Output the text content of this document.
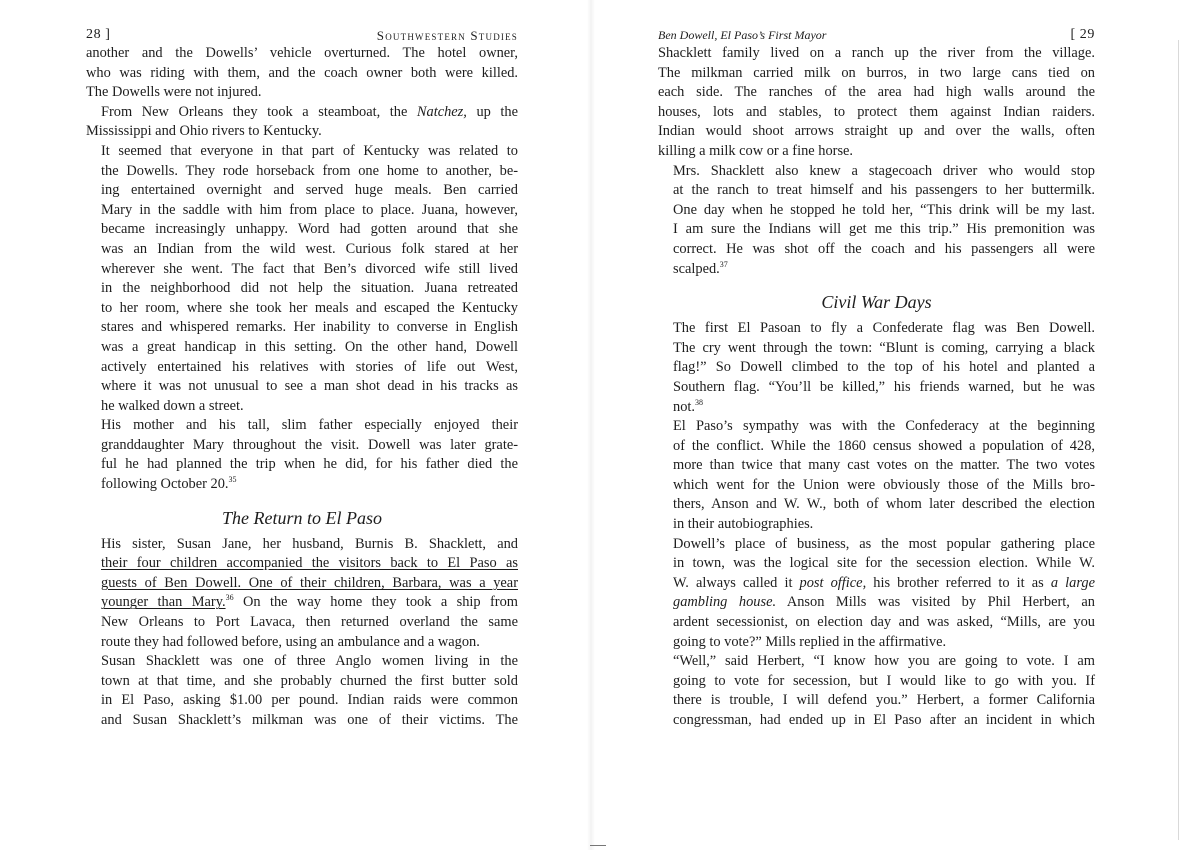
28 ]	Southwestern Studies

another and the Dowells’ vehicle overturned. The hotel owner,
who was riding with them, and the coach owner both were killed.
The Dowells were not injured.

From New Orleans they took a steamboat, the Natchez, up the
Mississippi and Ohio rivers to Kentucky.

It seemed that everyone in that part of Kentucky was related to
the Dowells. They rode horseback from one home to another, be-
ing entertained overnight and served huge meals. Ben carried
Mary in the saddle with him from place to place. Juana, however,
became increasingly unhappy. Word had gotten around that she
was an Indian from the wild west. Curious folk stared at her
wherever she went. The fact that Ben’s divorced wife still lived
in the neighborhood did not help the situation. Juana retreated
to her room, where she took her meals and escaped the Kentucky
stares and whispered remarks. Her inability to converse in English
was a great handicap in this setting. On the other hand, Dowell
actively entertained his relatives with stories of life out West,
where it was not unusual to see a man shot dead in his tracks as
he walked down a street.

His mother and his tall, slim father especially enjoyed their
granddaughter Mary throughout the visit. Dowell was later grate-
ful he had planned the trip when he did, for his father died the
following October 20.35

The Return to El Paso

His sister, Susan Jane, her husband, Burnis B. Shacklett, and
their four children accompanied the visitors back to El Paso as
guests of Ben Dowell. One of their children, Barbara, was a year
younger than Mary.$^{36}$ On the way home they took a ship from
New Orleans to Port Lavaca, then returned overland the same
route they had followed before, using an ambulance and a wagon.

Susan Shacklett was one of three Anglo women living in the
town at that time, and she probably churned the first butter sold
in El Paso, asking $1.00 per pound. Indian raids were common
and Susan Shacklett’s milkman was one of their victims. The

Ben Dowell, El Paso’s First Mayor	[ 29

Shacklett family lived on a ranch up the river from the village.
The milkman carried milk on burros, in two large cans tied on
each side. The ranches of the area had high walls around the
houses, lots and stables, to protect them against Indian raiders.
Indian would shoot arrows straight up and over the walls, often
killing a milk cow or a fine horse.

Mrs. Shacklett also knew a stagecoach driver who would stop
at the ranch to treat himself and his passengers to her buttermilk.
One day when he stopped he told her, “This drink will be my last.
I am sure the Indians will get me this trip.” His premonition was
correct. He was shot off the coach and his passengers all were
scalped.$^{37}$

Civil War Days

The first El Pasoan to fly a Confederate flag was Ben Dowell.
The cry went through the town: “Blunt is coming, carrying a black
flag!” So Dowell climbed to the top of his hotel and planted a
Southern flag. “You’ll be killed,” his friends warned, but he was
not.$^{38}$

El Paso’s sympathy was with the Confederacy at the beginning
of the conflict. While the 1860 census showed a population of 428,
more than twice that many cast votes on the matter. The two votes
which went for the Union were obviously those of the Mills bro-
thers, Anson and W. W., both of whom later described the election
in their autobiographies.

Dowell’s place of business, as the most popular gathering place
in town, was the logical site for the secession election. While W.
W. always called it post office, his brother referred to it as a large
gambling house. Anson Mills was visited by Phil Herbert, an
ardent secessionist, on election day and was asked, “Mills, are you
going to vote?” Mills replied in the affirmative.

“Well,” said Herbert, “I know how you are going to vote. I am
going to vote for secession, but I would like to go with you. If
there is trouble, I will defend you.” Herbert, a former California
congressman, had ended up in El Paso after an incident in which
